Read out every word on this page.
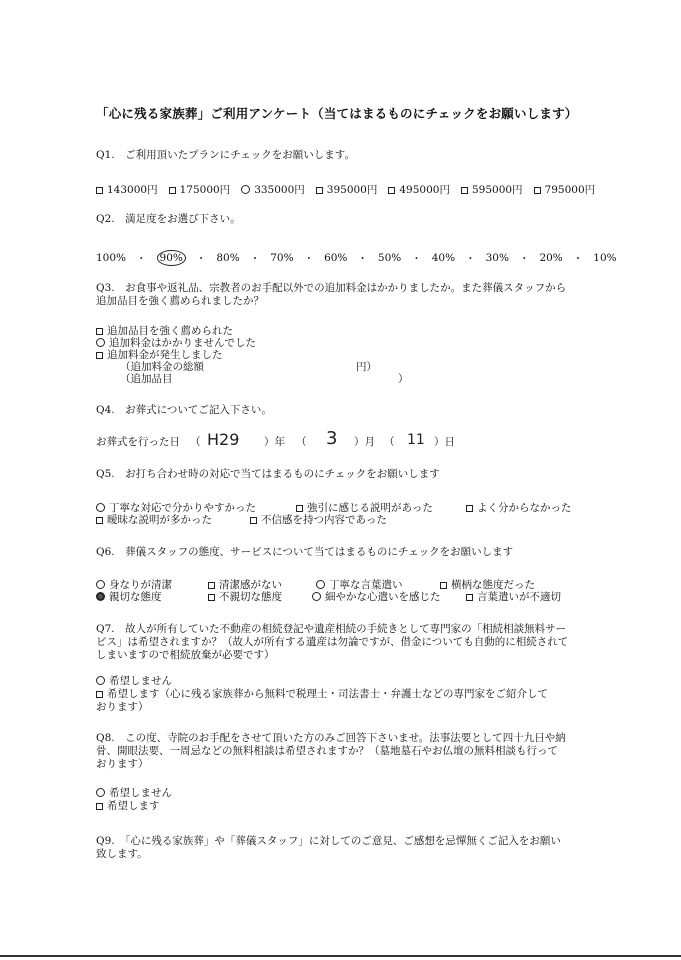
「心に残る家族葬」ご利用アンケート（当てはまるものにチェックをお願いします）
Q1.　ご利用頂いたプランにチェックをお願いします。
143000円	175000円	335000円	395000円	495000円	595000円	795000円
Q2.　満足度をお選び下さい。
100% ・ 90% ・ 80% ・ 70% ・ 60% ・ 50% ・ 40% ・ 30% ・ 20% ・ 10%
Q3.　お食事や返礼品、宗教者のお手配以外での追加料金はかかりましたか。また葬儀スタッフから
追加品目を強く薦められましたか？
追加品目を強く薦められた
追加料金はかかりませんでした
追加料金が発生しました
（追加料金の総額	円）
（追加品目	）
Q4.　お葬式についてご記入下さい。
お葬式を行った日 （ H29 ）年 （ 3 ）月 （ 11 ）日
Q5.　お打ち合わせ時の対応で当てはまるものにチェックをお願いします
丁寧な対応で分かりやすかった	強引に感じる説明があった	よく分からなかった
曖昧な説明が多かった	不信感を持つ内容であった
Q6.　葬儀スタッフの態度、サービスについて当てはまるものにチェックをお願いします
身なりが清潔	清潔感がない	丁寧な言葉遣い	横柄な態度だった
親切な態度	不親切な態度	細やかな心遣いを感じた	言葉遣いが不適切
Q7.　故人が所有していた不動産の相続登記や遺産相続の手続きとして専門家の「相続相談無料サー
ビス」は希望されますか？（故人が所有する遺産は勿論ですが、借金についても自動的に相続されて
しまいますので相続放棄が必要です）
希望しません
希望します（心に残る家族葬から無料で税理士・司法書士・弁護士などの専門家をご紹介して
おります）
Q8.　この度、寺院のお手配をさせて頂いた方のみご回答下さいませ。法事法要として四十九日や納
骨、開眼法要、一周忌などの無料相談は希望されますか？（墓地墓石やお仏壇の無料相談も行って
おります）
希望しません
希望します
Q9.　「心に残る家族葬」や「葬儀スタッフ」に対してのご意見、ご感想を忌憚無くご記入をお願い
致します。
